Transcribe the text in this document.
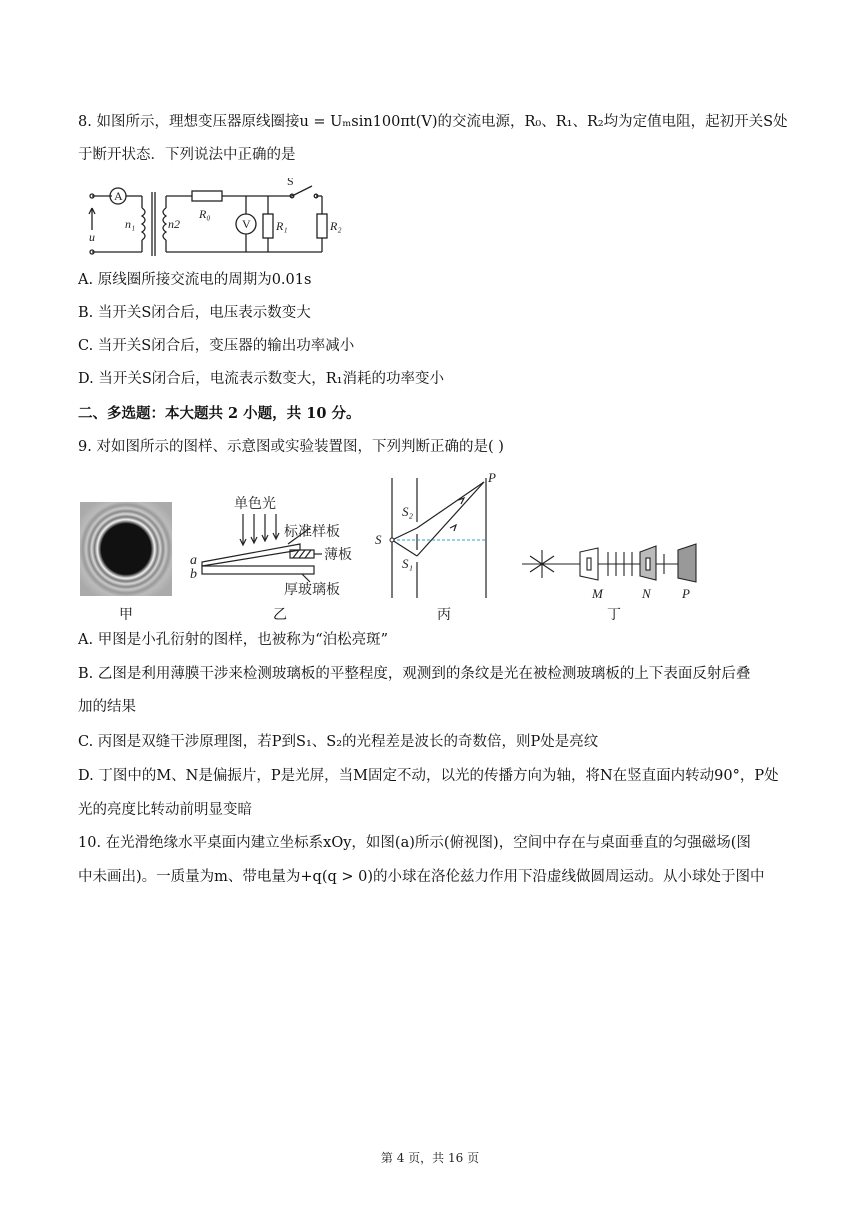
8. 如图所示，理想变压器原线圈接u = Uₘsin100πt(V)的交流电源，R₀、R₁、R₂均为定值电阻，起初开关S处
于断开状态．下列说法中正确的是
A
V
S
u
n₁	n2
R₀
R₁	R₂
A. 原线圈所接交流电的周期为0.01s
B. 当开关S闭合后，电压表示数变大
C. 当开关S闭合后，变压器的输出功率减小
D. 当开关S闭合后，电流表示数变大，R₁消耗的功率变小
二、多选题：本大题共 2 小题，共 10 分。
9. 对如图所示的图样、示意图或实验装置图，下列判断正确的是( )
单色光
标准样板
薄板
厚玻璃板
a
b
P
S
S₂
S₁
M	N P
甲	乙	丙	丁
A. 甲图是小孔衍射的图样，也被称为“泊松亮斑”
B. 乙图是利用薄膜干涉来检测玻璃板的平整程度，观测到的条纹是光在被检测玻璃板的上下表面反射后叠
加的结果
C. 丙图是双缝干涉原理图，若P到S₁、S₂的光程差是波长的奇数倍，则P处是亮纹
D. 丁图中的M、N是偏振片，P是光屏，当M固定不动，以光的传播方向为轴，将N在竖直面内转动90°，P处
光的亮度比转动前明显变暗
10. 在光滑绝缘水平桌面内建立坐标系xOy，如图(a)所示(俯视图)，空间中存在与桌面垂直的匀强磁场(图
中未画出)。一质量为m、带电量为+q(q > 0)的小球在洛伦兹力作用下沿虚线做圆周运动。从小球处于图中
第 4 页，共 16 页
